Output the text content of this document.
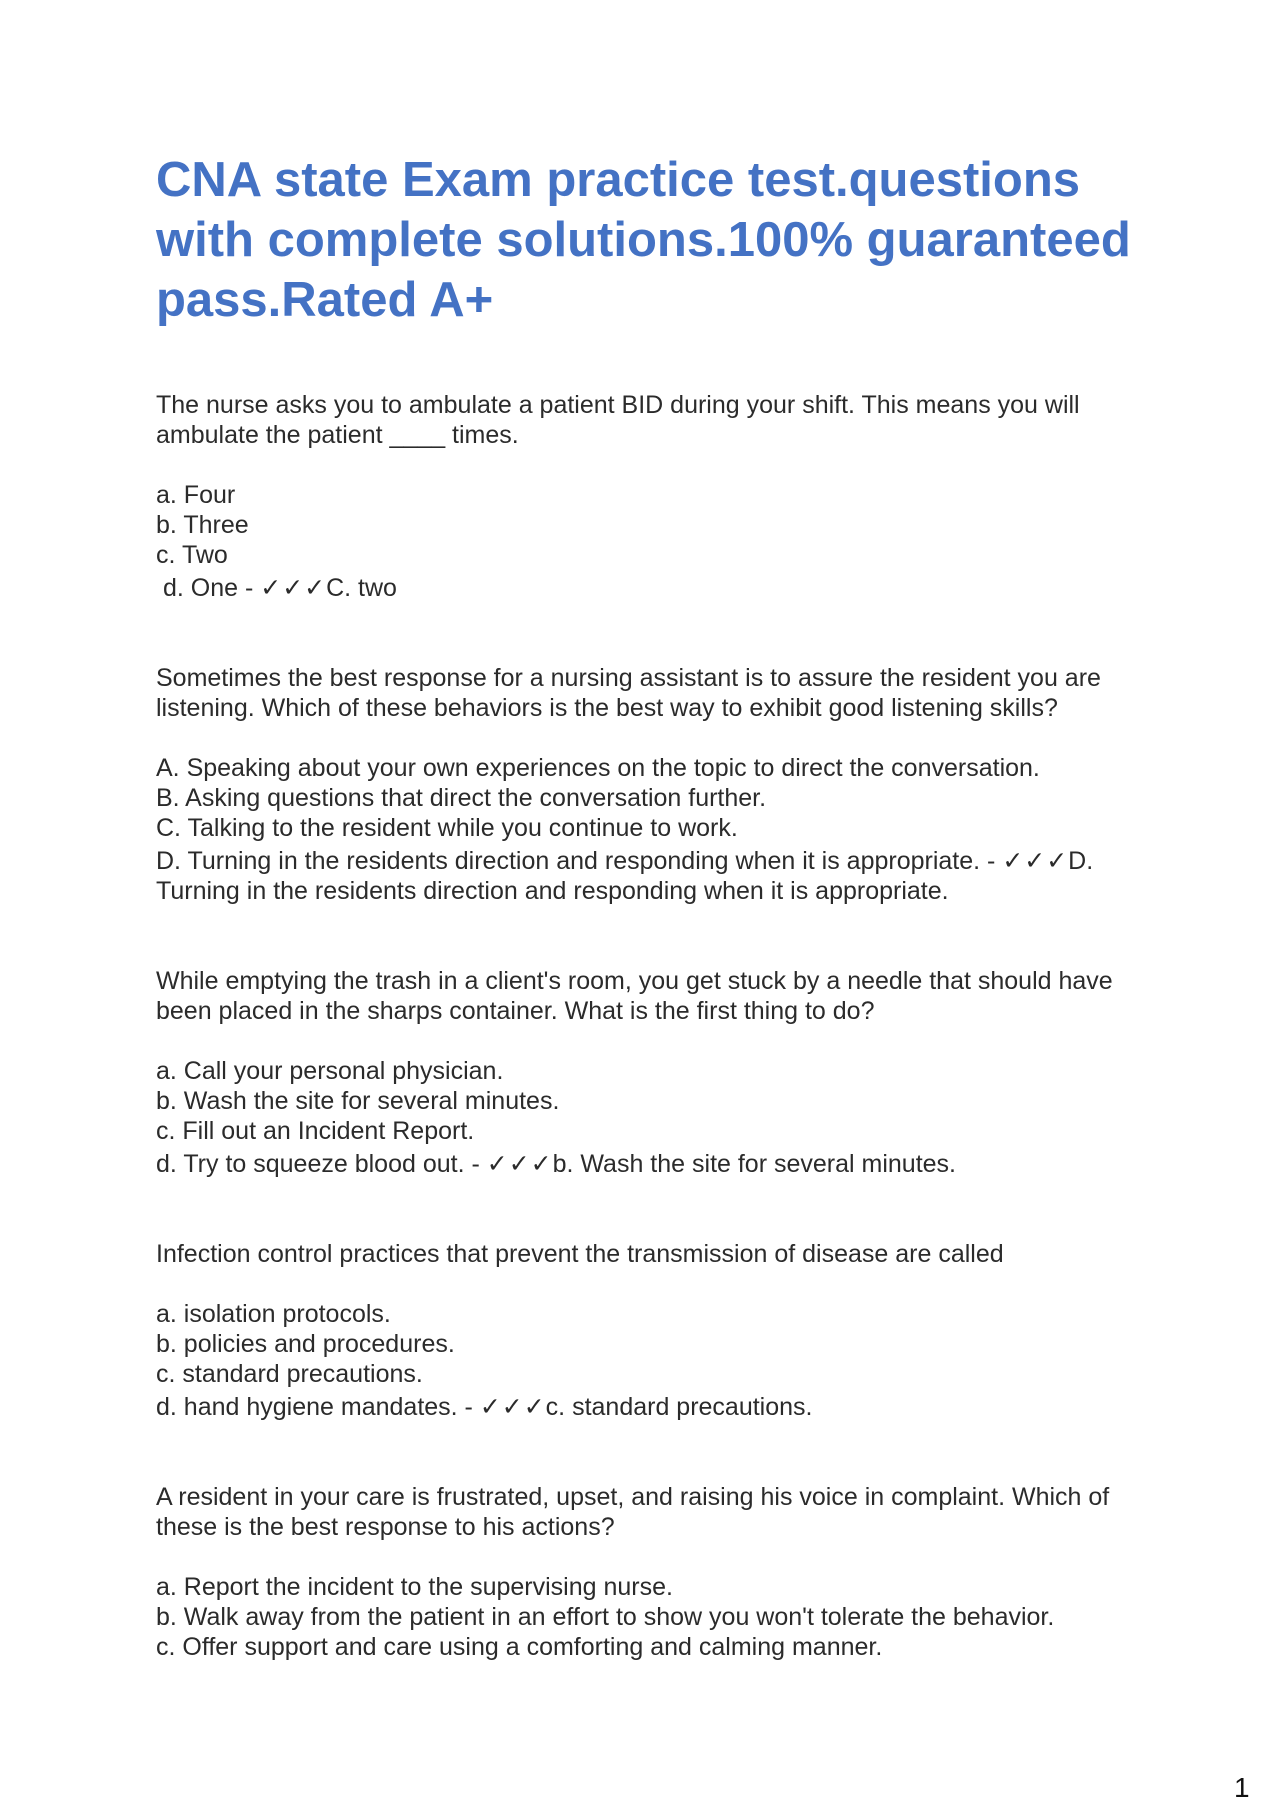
CNA state Exam practice test.questions with complete solutions.100% guaranteed pass.Rated A+

The nurse asks you to ambulate a patient BID during your shift. This means you will ambulate the patient ____ times.

a. Four
b. Three
c. Two
d. One - ✓✓✓C. two

Sometimes the best response for a nursing assistant is to assure the resident you are listening. Which of these behaviors is the best way to exhibit good listening skills?

A. Speaking about your own experiences on the topic to direct the conversation.
B. Asking questions that direct the conversation further.
C. Talking to the resident while you continue to work.
D. Turning in the residents direction and responding when it is appropriate. - ✓✓✓D. Turning in the residents direction and responding when it is appropriate.

While emptying the trash in a client's room, you get stuck by a needle that should have been placed in the sharps container. What is the first thing to do?

a. Call your personal physician.
b. Wash the site for several minutes.
c. Fill out an Incident Report.
d. Try to squeeze blood out. - ✓✓✓b. Wash the site for several minutes.

Infection control practices that prevent the transmission of disease are called

a. isolation protocols.
b. policies and procedures.
c. standard precautions.
d. hand hygiene mandates. - ✓✓✓c. standard precautions.

A resident in your care is frustrated, upset, and raising his voice in complaint. Which of these is the best response to his actions?

a. Report the incident to the supervising nurse.
b. Walk away from the patient in an effort to show you won't tolerate the behavior.
c. Offer support and care using a comforting and calming manner.
1
